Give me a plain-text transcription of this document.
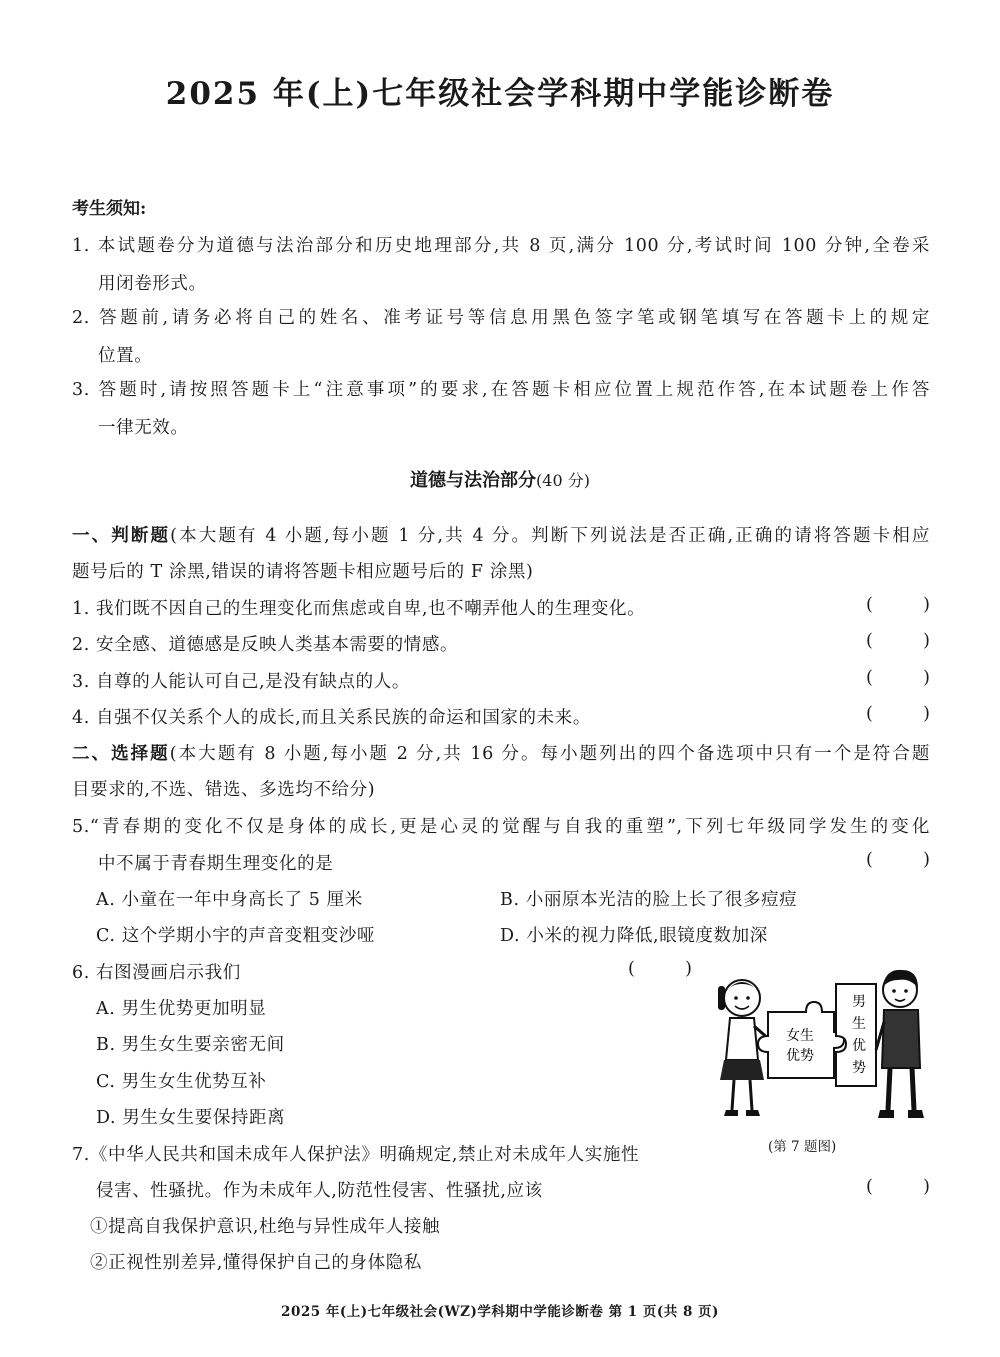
2025 年(上)七年级社会学科期中学能诊断卷
考生须知:
1. 本试题卷分为道德与法治部分和历史地理部分,共 8 页,满分 100 分,考试时间 100 分钟,全卷采
用闭卷形式。
2. 答题前,请务必将自己的姓名、准考证号等信息用黑色签字笔或钢笔填写在答题卡上的规定
位置。
3. 答题时,请按照答题卡上“注意事项”的要求,在答题卡相应位置上规范作答,在本试题卷上作答
一律无效。
道德与法治部分(40 分)
一、判断题(本大题有 4 小题,每小题 1 分,共 4 分。判断下列说法是否正确,正确的请将答题卡相应
题号后的 T 涂黑,错误的请将答题卡相应题号后的 F 涂黑)
1. 我们既不因自己的生理变化而焦虑或自卑,也不嘲弄他人的生理变化。	(	)
2. 安全感、道德感是反映人类基本需要的情感。	(	)
3. 自尊的人能认可自己,是没有缺点的人。	(	)
4. 自强不仅关系个人的成长,而且关系民族的命运和国家的未来。	(	)
二、选择题(本大题有 8 小题,每小题 2 分,共 16 分。每小题列出的四个备选项中只有一个是符合题
目要求的,不选、错选、多选均不给分)
5.“青春期的变化不仅是身体的成长,更是心灵的觉醒与自我的重塑”,下列七年级同学发生的变化
中不属于青春期生理变化的是	(	)
A. 小童在一年中身高长了 5 厘米	B. 小丽原本光洁的脸上长了很多痘痘
C. 这个学期小宇的声音变粗变沙哑	D. 小米的视力降低,眼镜度数加深
6. 右图漫画启示我们	(	)
A. 男生优势更加明显
B. 男生女生要亲密无间
C. 男生女生优势互补
D. 男生女生要保持距离
女生
优势
男
生
优
势
(第 7 题图)
7.《中华人民共和国未成年人保护法》明确规定,禁止对未成年人实施性
侵害、性骚扰。作为未成年人,防范性侵害、性骚扰,应该	(	)
①提高自我保护意识,杜绝与异性成年人接触
②正视性别差异,懂得保护自己的身体隐私
2025 年(上)七年级社会(WZ)学科期中学能诊断卷 第 1 页(共 8 页)
